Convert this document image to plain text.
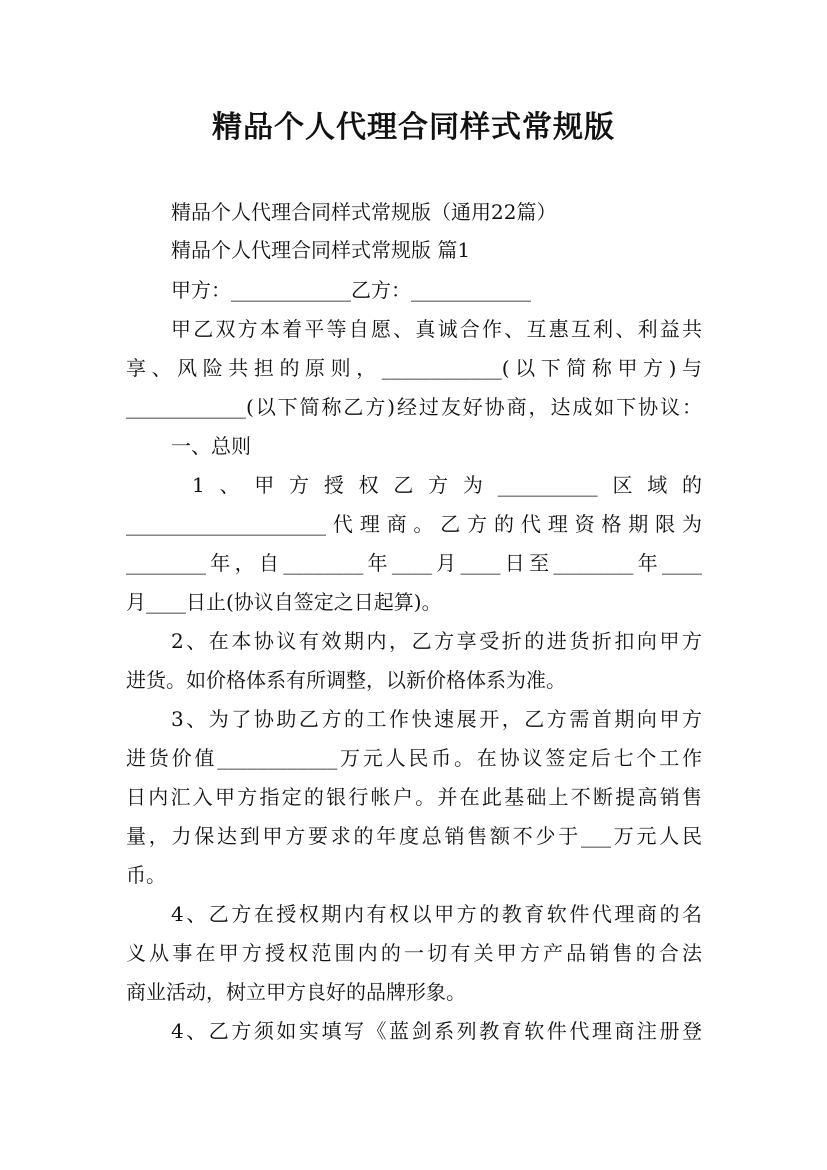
精品个人代理合同样式常规版
精品个人代理合同样式常规版（通用22篇）
精品个人代理合同样式常规版 篇1
甲方：____________乙方：____________
甲乙双方本着平等自愿、真诚合作、互惠互利、利益共
享、风险共担的原则，____________(以下简称甲方)与
____________(以下简称乙方)经过友好协商，达成如下协议：
一、总则
1、甲方授权乙方为__________区域的
____________________代理商。乙方的代理资格期限为
________年，自________年____月____日至________年____
月____日止(协议自签定之日起算)。
2、在本协议有效期内，乙方享受折的进货折扣向甲方
进货。如价格体系有所调整，以新价格体系为准。
3、为了协助乙方的工作快速展开，乙方需首期向甲方
进货价值____________万元人民币。在协议签定后七个工作
日内汇入甲方指定的银行帐户。并在此基础上不断提高销售
量，力保达到甲方要求的年度总销售额不少于___万元人民
币。
4、乙方在授权期内有权以甲方的教育软件代理商的名
义从事在甲方授权范围内的一切有关甲方产品销售的合法
商业活动，树立甲方良好的品牌形象。
4、乙方须如实填写《蓝剑系列教育软件代理商注册登
